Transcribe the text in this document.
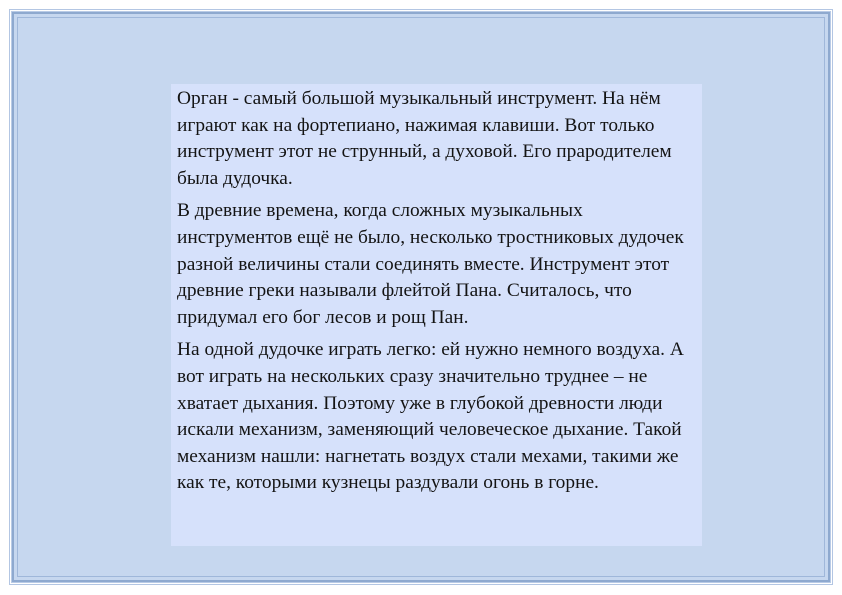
Орган - самый большой музыкальный инструмент. На нём играют как на фортепиано, нажимая клавиши. Вот только инструмент этот не струнный, а духовой. Его прародителем была дудочка.

В древние времена, когда сложных музыкальных инструментов ещё не было, несколько тростниковых дудочек разной величины стали соединять вместе. Инструмент этот древние греки называли флейтой Пана. Считалось, что придумал его бог лесов и рощ Пан.

На одной дудочке играть легко: ей нужно немного воздуха. А вот играть на нескольких сразу значительно труднее – не хватает дыхания. Поэтому уже в глубокой древности люди искали механизм, заменяющий человеческое дыхание. Такой механизм нашли: нагнетать воздух стали мехами, такими же как те, которыми кузнецы раздували огонь в горне.
